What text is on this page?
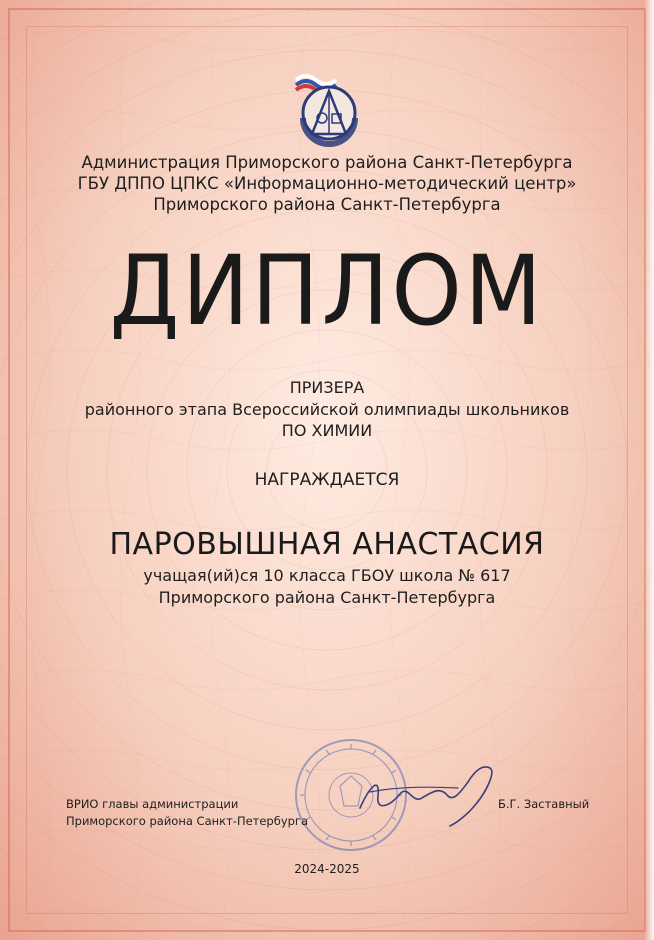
Администрация Приморского района Санкт-Петербурга
ГБУ ДППО ЦПКС «Информационно-методический центр»
Приморского района Санкт-Петербурга
ДИПЛОМ
ПРИЗЕРА
районного этапа Всероссийской олимпиады школьников
ПО ХИМИИ
НАГРАЖДАЕТСЯ
ПАРОВЫШНАЯ АНАСТАСИЯ
учащая(ий)ся 10 класса ГБОУ школа № 617
Приморского района Санкт-Петербурга
ВРИО главы администрации
Приморского района Санкт-Петербурга
Б.Г. Заставный
2024-2025
